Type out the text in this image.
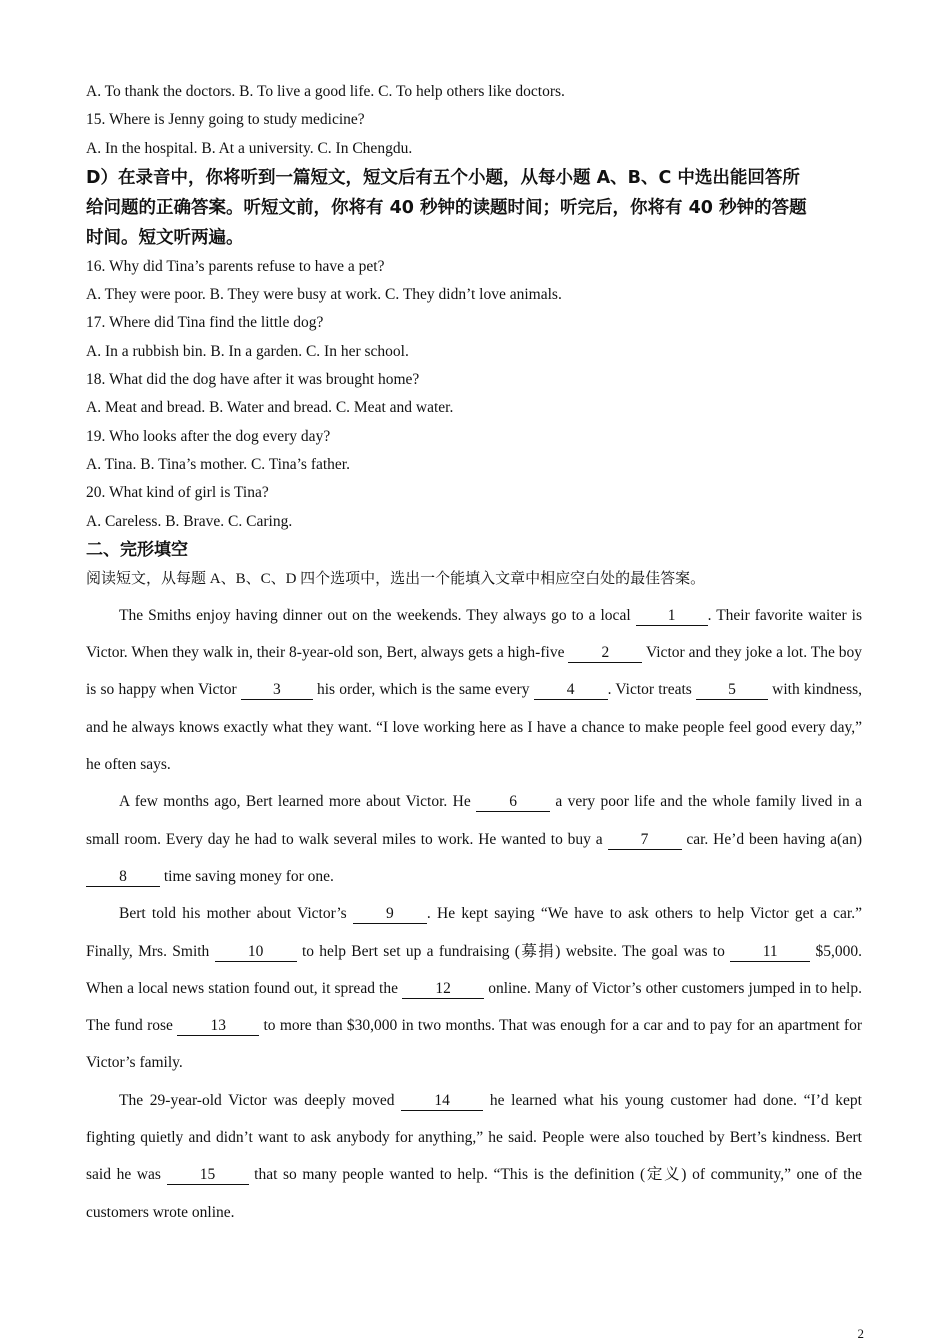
A. To thank the doctors. B. To live a good life. C. To help others like doctors.
15. Where is Jenny going to study medicine?
A. In the hospital. B. At a university. C. In Chengdu.
D）在录音中，你将听到一篇短文，短文后有五个小题，从每小题 A、B、C 中选出能回答所
给问题的正确答案。听短文前，你将有 40 秒钟的读题时间；听完后，你将有 40 秒钟的答题
时间。短文听两遍。
16. Why did Tina’s parents refuse to have a pet?
A. They were poor. B. They were busy at work. C. They didn’t love animals.
17. Where did Tina find the little dog?
A. In a rubbish bin. B. In a garden. C. In her school.
18. What did the dog have after it was brought home?
A. Meat and bread. B. Water and bread. C. Meat and water.
19. Who looks after the dog every day?
A. Tina. B. Tina’s mother. C. Tina’s father.
20. What kind of girl is Tina?
A. Careless. B. Brave. C. Caring.
二、完形填空
阅读短文，从每题 A、B、C、D 四个选项中，选出一个能填入文章中相应空白处的最佳答案。
The Smiths enjoy having dinner out on the weekends. They always go to a local 1 . Their favorite waiter is Victor. When they walk in, their 8-year-old son, Bert, always gets a high-five 2 Victor and they joke a lot. The boy is so happy when Victor 3 his order, which is the same every 4 . Victor treats 5 with kindness, and he always knows exactly what they want. “I love working here as I have a chance to make people feel good every day,” he often says.
A few months ago, Bert learned more about Victor. He 6 a very poor life and the whole family lived in a small room. Every day he had to walk several miles to work. He wanted to buy a 7 car. He’d been having a(an) 8 time saving money for one.
Bert told his mother about Victor’s 9 . He kept saying “We have to ask others to help Victor get a car.” Finally, Mrs. Smith 10 to help Bert set up a fundraising (募捐) website. The goal was to 11 $5,000. When a local news station found out, it spread the 12 online. Many of Victor’s other customers jumped in to help. The fund rose 13 to more than $30,000 in two months. That was enough for a car and to pay for an apartment for Victor’s family.
The 29-year-old Victor was deeply moved 14 he learned what his young customer had done. “I’d kept fighting quietly and didn’t want to ask anybody for anything,” he said. People were also touched by Bert’s kindness. Bert said he was 15 that so many people wanted to help. “This is the definition (定义) of community,” one of the customers wrote online.
2
